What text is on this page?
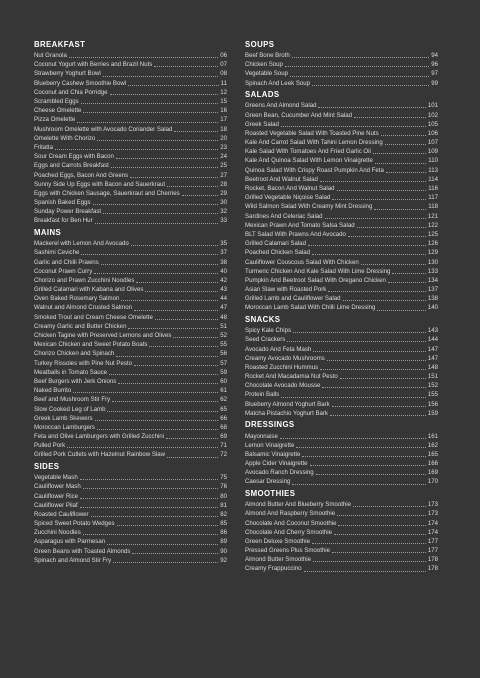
BREAKFAST
Nut Granola	06
Coconut Yogurt with Berries and Brazil Nuts	07
Strawberry Yoghurt Bowl	08
Blueberry Cashew Smoothie Bowl	11
Coconut and Chia Porridge	12
Scrambled Eggs	15
Cheese Omelette	16
Pizza Omelette	17
Mushroom Omelette with Avocado Coriander Salad	18
Omelette With Chorizo	20
Fritatta	23
Sour Cream Eggs with Bacon	24
Eggs and Carrots Breakfast	25
Poached Eggs, Bacon And Greens	27
Sunny Side Up Eggs with Bacon and Sauerkraut	28
Eggs with Chicken Sausage, Sauerkraut and Cherries	29
Spanish Baked Eggs	30
Sunday Power Breakfast	32
Breakfast for Ben Hur	33
MAINS
Mackerel with Lemon And Avocado	35
Sashimi Ceviche	37
Garlic and Chilli Prawns	38
Coconut Prawn Curry	40
Chorizo and Prawn Zucchini Noodles	42
Grilled Calamari with Kabana and Olives	43
Oven Baked Rosemary Salmon	44
Walnut and Almond Crusted Salmon	47
Smoked Trout and Cream Cheese Omelette	48
Creamy Garlic and Butter Chicken	51
Chicken Tagine with Preserved Lemons and Olives	52
Mexican Chicken and Sweet Potato Boats	55
Chorizo Chicken and Spinach	56
Turkey Rissoles with Pine Nut Pesto	57
Meatballs in Tomato Sauce	59
Beef Burgers with Jerk Onions	60
Naked Burrito	61
Beef and Mushroom Stir Fry	62
Slow Cooked Leg of Lamb	65
Greek Lamb Skewers	66
Moroccan Lamburgers	68
Feta and Olive Lamburgers with Grilled Zucchini	69
Pulled Pork	71
Grilled Pork Cutlets with Hazelnut Rainbow Slaw	72
SIDES
Vegetable Mash	75
Cauliflower Mash	76
Cauliflower Rice	80
Cauliflower Pilaf	81
Roasted Cauliflower	82
Spiced Sweet Potato Wedges	85
Zucchini Noodles	86
Asparagus with Parmesan	89
Green Beans with Toasted Almonds	90
Spinach and Almond Stir Fry	92
SOUPS
Beef Bone Broth	94
Chicken Soup	96
Vegetable Soup	97
Spinach And Leek Soup	99
SALADS
Greens And Almond Salad	101
Green Bean, Cucumber And Mint Salad	102
Greek Salad	105
Roasted Vegetable Salad With Toasted Pine Nuts	106
Kale And Carrot Salad With Tahini Lemon Dressing	107
Kale Salad With Tomatoes And Fried Garlic Oil	109
Kale And Quinoa Salad With Lemon Vinaigrette	110
Quinoa Salad With Crispy Roast Pumpkin And Feta	113
Beetroot And Walnut Salad	114
Rocket, Bacon And Walnut Salad	116
Grilled Vegetable Niçoise Salad	117
Wild Salmon Salad With Creamy Mint Dressing	118
Sardines And Celeriac Salad	121
Mexican Prawn And Tomato Salsa Salad	122
BLT Salad With Prawns And Avocado	125
Grilled Calamari Salad	126
Poached Chicken Salad	129
Cauliflower Couscous Salad With Chicken	130
Turmeric Chicken And Kale Salad With Lime Dressing	133
Pumpkin And Beetroot Salad With Oregano Chicken	134
Asian Slaw with Roasted Pork	137
Grilled Lamb and Cauliflower Salad	138
Moroccan Lamb Salad With Chilli Lime Dressing	140
SNACKS
Spicy Kale Chips	143
Seed Crackers	144
Avocado And Feta Mash	147
Creamy Avocado Mushrooms	147
Roasted Zucchini Hummus	148
Rocket And Macadamia Nut Pesto	151
Chocolate Avocado Mousse	152
Protein Balls	155
Blueberry Almond Yoghurt Bark	156
Matcha Pistachio Yoghurt Bark	159
DRESSINGS
Mayonnaise	161
Lemon Vinaigrette	162
Balsamic Vinaigrette	165
Apple Cider Vinaigrette	166
Avocado Ranch Dressing	169
Caesar Dressing	170
SMOOTHIES
Almond Butter And Blueberry Smoothie	173
Almond And Raspberry Smoothie	173
Chocolate And Coconut Smoothie	174
Chocolate And Cherry Smoothie	174
Green Deluxe Smoothie	177
Pressed Greens Plus Smoothie	177
Almond Butter Smoothie	178
Creamy Frappuccino	178
